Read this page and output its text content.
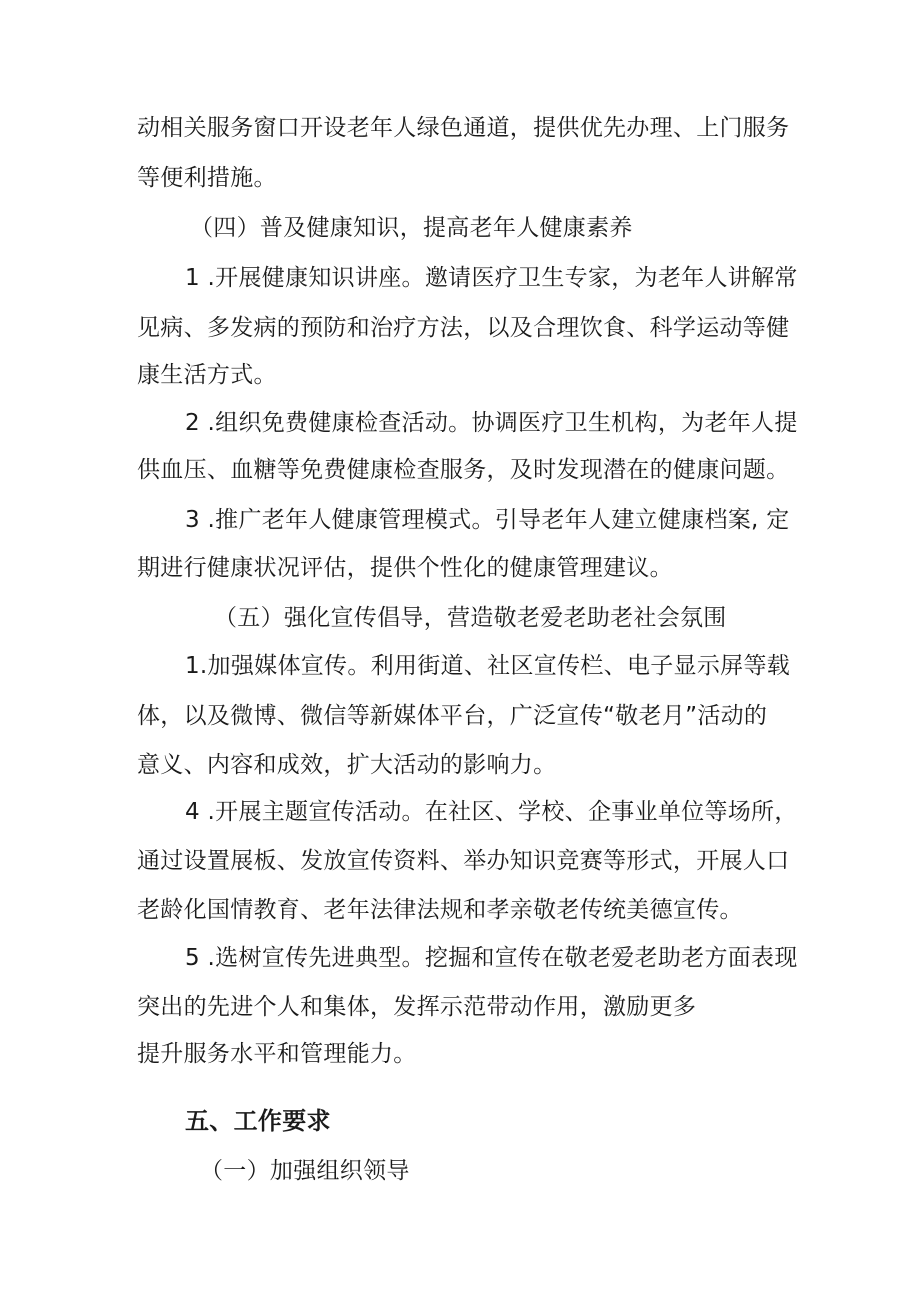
动相关服务窗口开设老年人绿色通道，提供优先办理、上门服务
等便利措施。
（四）普及健康知识，提高老年人健康素养
1 .开展健康知识讲座。邀请医疗卫生专家，为老年人讲解常
见病、多发病的预防和治疗方法，以及合理饮食、科学运动等健
康生活方式。
2 .组织免费健康检查活动。协调医疗卫生机构，为老年人提
供血压、血糖等免费健康检查服务，及时发现潜在的健康问题。
3 .推广老年人健康管理模式。引导老年人建立健康档案, 定
期进行健康状况评估，提供个性化的健康管理建议。
（五）强化宣传倡导，营造敬老爱老助老社会氛围
1.加强媒体宣传。利用街道、社区宣传栏、电子显示屏等载
体，以及微博、微信等新媒体平台，广泛宣传“敬老月”活动的
意义、内容和成效，扩大活动的影响力。
4 .开展主题宣传活动。在社区、学校、企事业单位等场所，
通过设置展板、发放宣传资料、举办知识竞赛等形式，开展人口
老龄化国情教育、老年法律法规和孝亲敬老传统美德宣传。
5 .选树宣传先进典型。挖掘和宣传在敬老爱老助老方面表现
突出的先进个人和集体，发挥示范带动作用，激励更多
提升服务水平和管理能力。
五、工作要求
（一）加强组织领导
